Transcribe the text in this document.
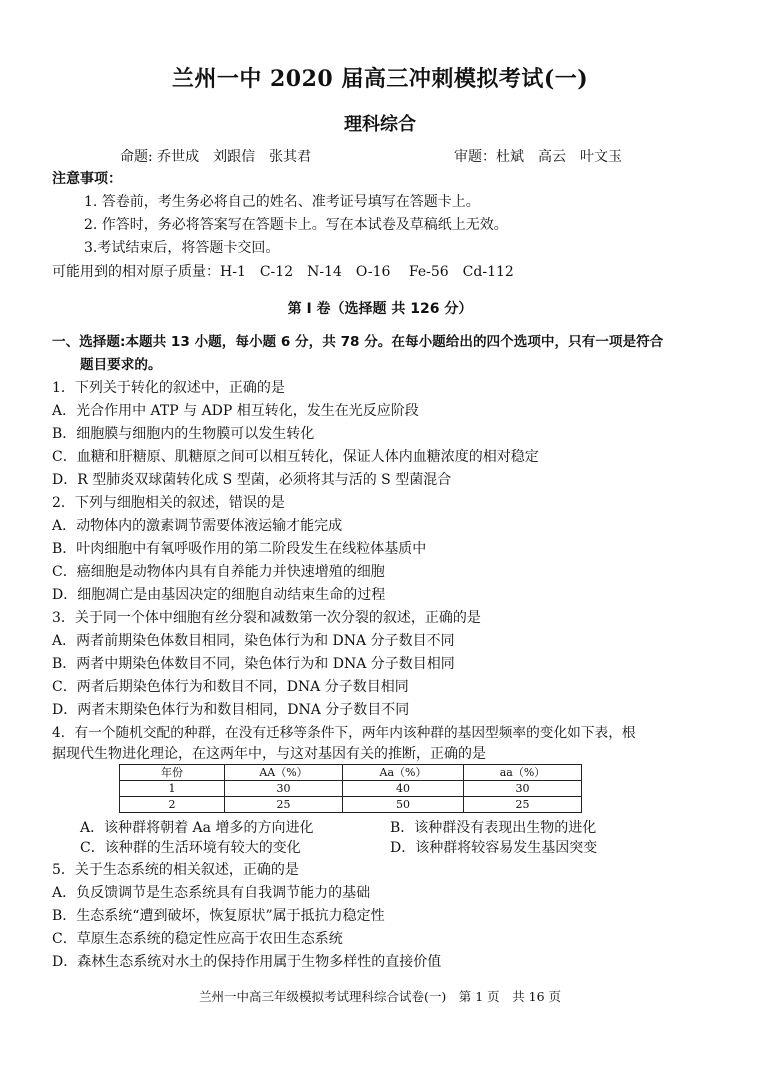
兰州一中 2020 届高三冲刺模拟考试(一)
理科综合
命题: 乔世成　刘跟信　张其君	审题：杜斌　高云　叶文玉
注意事项：
1. 答卷前，考生务必将自己的姓名、准考证号填写在答题卡上。
2. 作答时，务必将答案写在答题卡上。写在本试卷及草稿纸上无效。
3.考试结束后，将答题卡交回。
可能用到的相对原子质量：H-1　C-12　N-14　O-16　 Fe-56　Cd-112
第 I 卷（选择题 共 126 分）
一、选择题:本题共 13 小题，每小题 6 分，共 78 分。在每小题给出的四个选项中，只有一项是符合
题目要求的。
1．下列关于转化的叙述中，正确的是
A．光合作用中 ATP 与 ADP 相互转化，发生在光反应阶段
B．细胞膜与细胞内的生物膜可以发生转化
C．血糖和肝糖原、肌糖原之间可以相互转化，保证人体内血糖浓度的相对稳定
D．R 型肺炎双球菌转化成 S 型菌，必须将其与活的 S 型菌混合
2．下列与细胞相关的叙述，错误的是
A．动物体内的激素调节需要体液运输才能完成
B．叶肉细胞中有氧呼吸作用的第二阶段发生在线粒体基质中
C．癌细胞是动物体内具有自养能力并快速增殖的细胞
D．细胞凋亡是由基因决定的细胞自动结束生命的过程
3．关于同一个体中细胞有丝分裂和减数第一次分裂的叙述，正确的是
A．两者前期染色体数目相同，染色体行为和 DNA 分子数目不同
B．两者中期染色体数目不同，染色体行为和 DNA 分子数目相同
C．两者后期染色体行为和数目不同，DNA 分子数目相同
D．两者末期染色体行为和数目相同，DNA 分子数目不同
4．有一个随机交配的种群，在没有迁移等条件下，两年内该种群的基因型频率的变化如下表，根
据现代生物进化理论，在这两年中，与这对基因有关的推断，正确的是
年份	AA（%）	Aa（%）	aa（%）
1	30	40	30
2	25	50	25
A．该种群将朝着 Aa 增多的方向进化	B．该种群没有表现出生物的进化
C．该种群的生活环境有较大的变化	D．该种群将较容易发生基因突变
5．关于生态系统的相关叙述，正确的是
A．负反馈调节是生态系统具有自我调节能力的基础
B．生态系统“遭到破坏，恢复原状”属于抵抗力稳定性
C．草原生态系统的稳定性应高于农田生态系统
D．森林生态系统对水土的保持作用属于生物多样性的直接价值
兰州一中高三年级模拟考试理科综合试卷(一)　第 1 页　共 16 页
